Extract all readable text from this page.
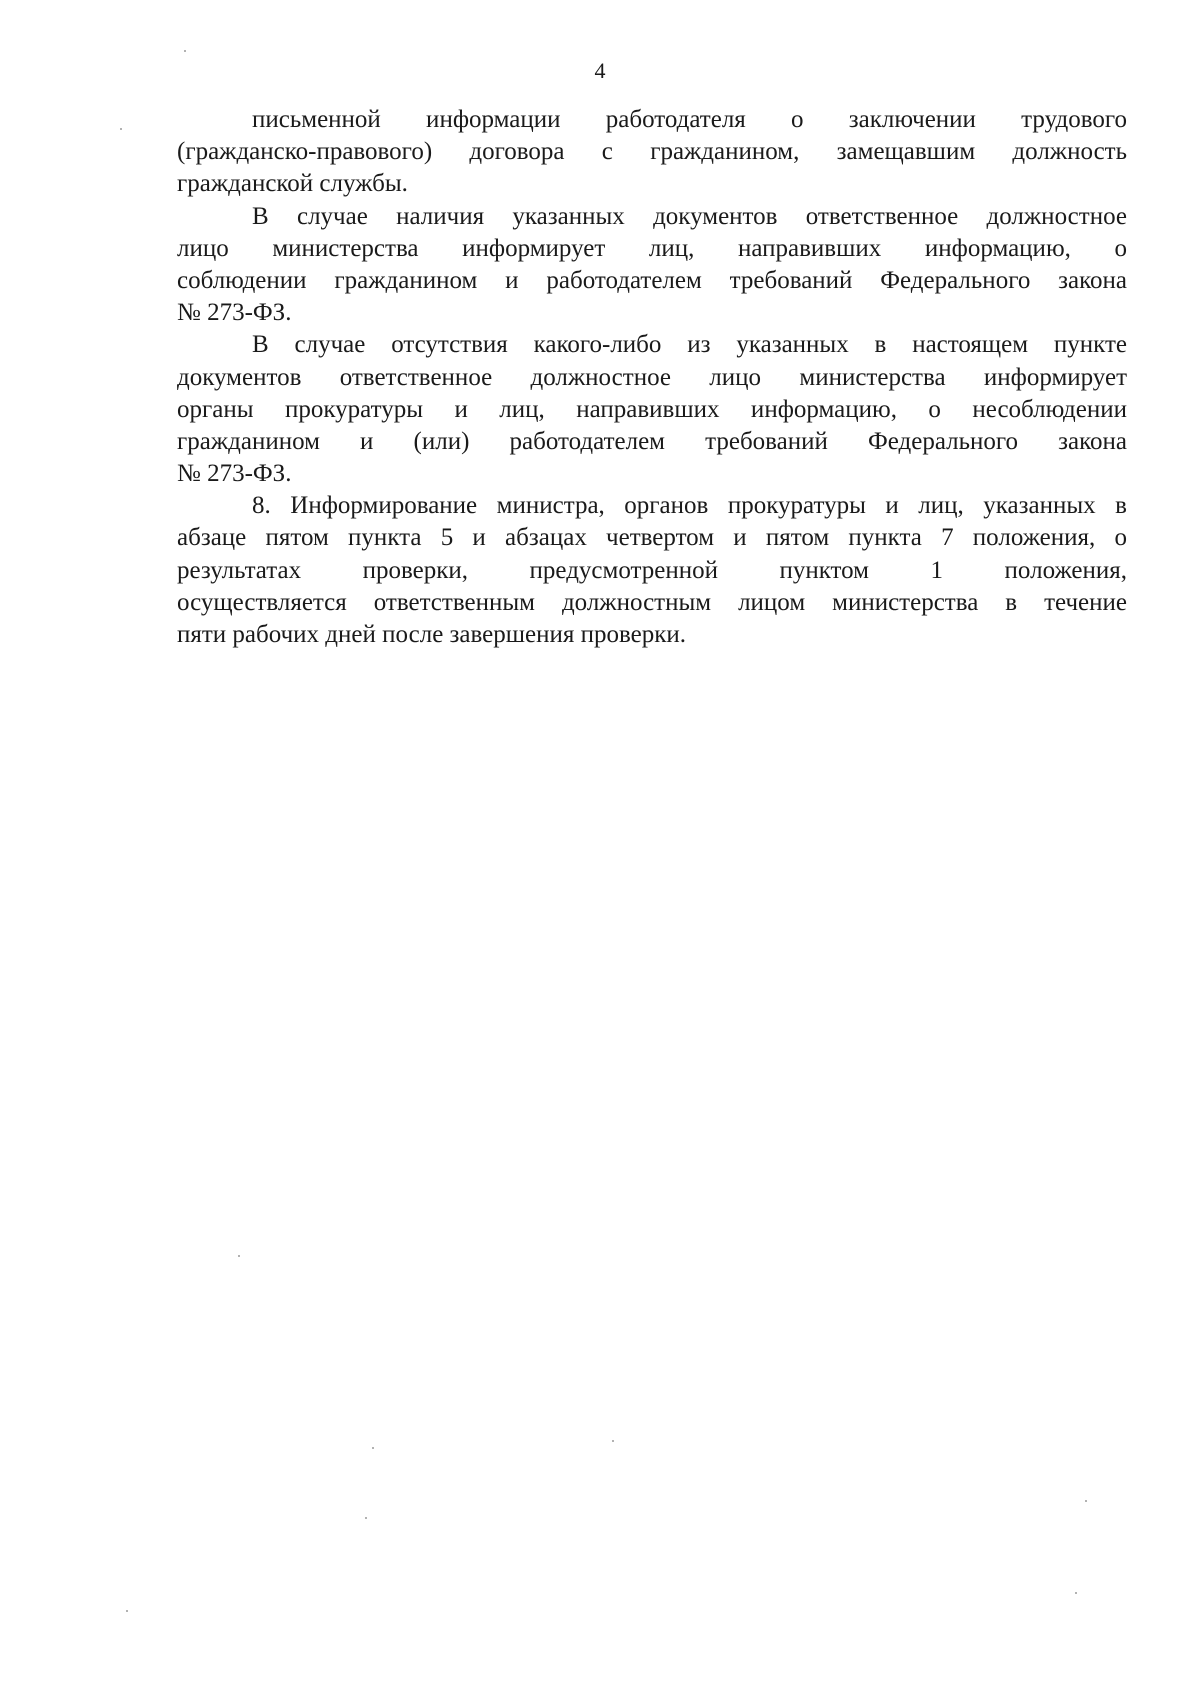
4
письменной информации работодателя о заключении трудового
(гражданско-правового) договора с гражданином, замещавшим должность
гражданской службы.
В случае наличия указанных документов ответственное должностное
лицо министерства информирует лиц, направивших информацию, о
соблюдении гражданином и работодателем требований Федерального закона
№ 273-ФЗ.
В случае отсутствия какого-либо из указанных в настоящем пункте
документов ответственное должностное лицо министерства информирует
органы прокуратуры и лиц, направивших информацию, о несоблюдении
гражданином и (или) работодателем требований Федерального закона
№ 273-ФЗ.
8. Информирование министра, органов прокуратуры и лиц, указанных в
абзаце пятом пункта 5 и абзацах четвертом и пятом пункта 7 положения, о
результатах проверки, предусмотренной пунктом 1 положения,
осуществляется ответственным должностным лицом министерства в течение
пяти рабочих дней после завершения проверки.
